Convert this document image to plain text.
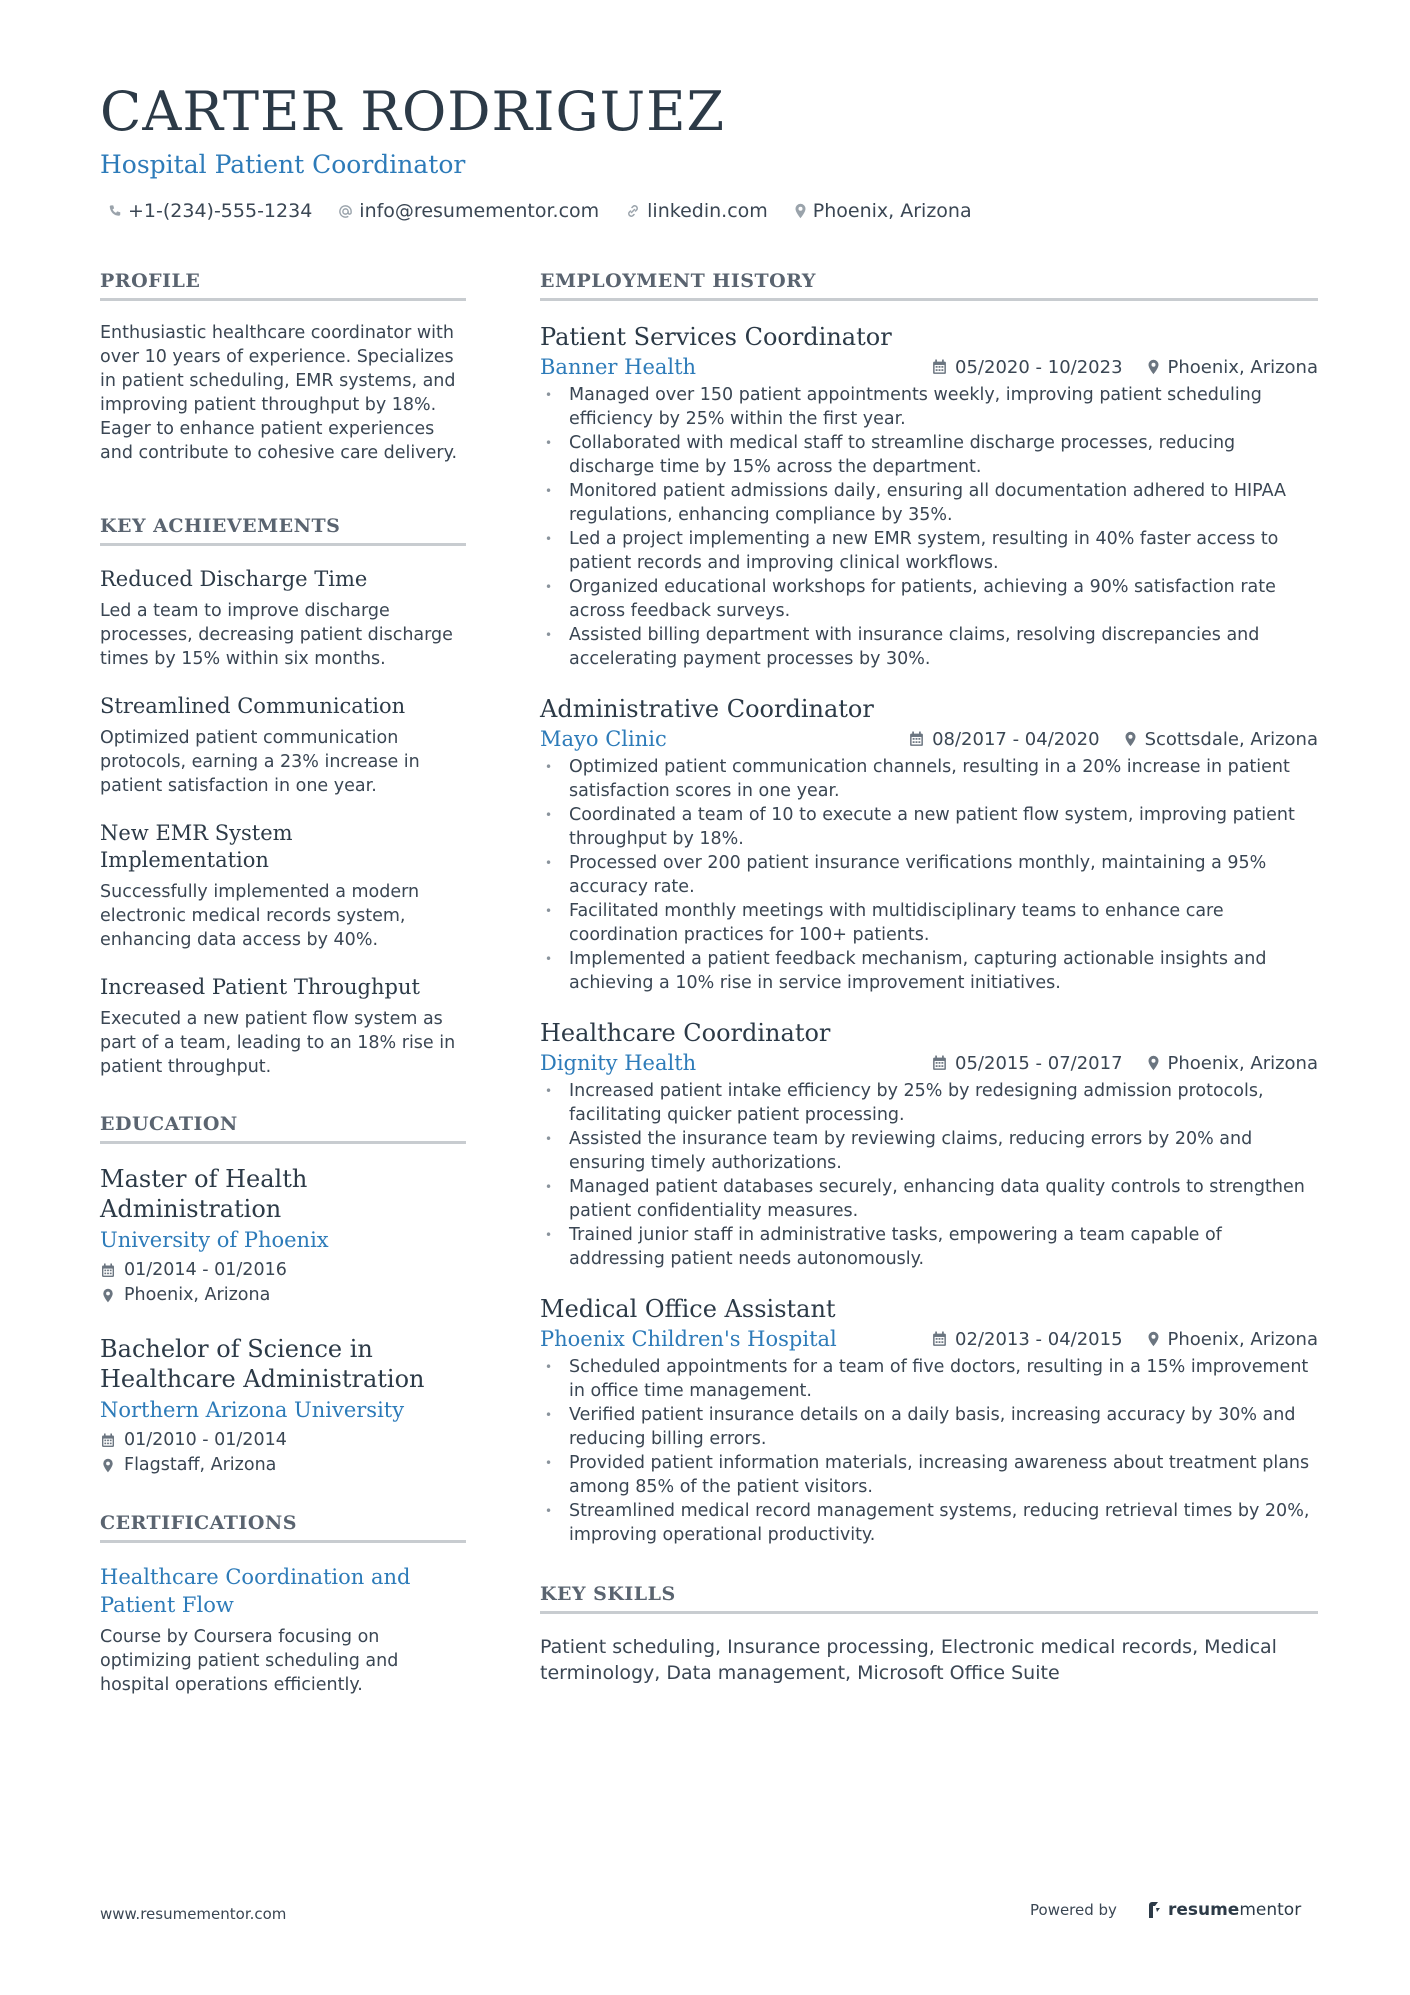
CARTER RODRIGUEZ
Hospital Patient Coordinator
+1-(234)-555-1234 info@resumementor.com	linkedin.com Phoenix, Arizona
PROFILE

Enthusiastic healthcare coordinator with over 10 years of experience. Specializes in patient scheduling, EMR systems, and improving patient throughput by 18%. Eager to enhance patient experiences and contribute to cohesive care delivery.

KEY ACHIEVEMENTS
Reduced Discharge Time

Led a team to improve discharge processes, decreasing patient discharge times by 15% within six months.

Streamlined Communication

Optimized patient communication protocols, earning a 23% increase in patient satisfaction in one year.

New EMR System Implementation

Successfully implemented a modern electronic medical records system, enhancing data access by 40%.

Increased Patient Throughput

Executed a new patient flow system as part of a team, leading to an 18% rise in patient throughput.

EDUCATION
Master of Health Administration
University of Phoenix
01/2014 - 01/2016
Phoenix, Arizona
Bachelor of Science in Healthcare Administration
Northern Arizona University
01/2010 - 01/2014
Flagstaff, Arizona
CERTIFICATIONS
Healthcare Coordination and Patient Flow

Course by Coursera focusing on optimizing patient scheduling and hospital operations efficiently.

EMPLOYMENT HISTORY
Patient Services Coordinator
Banner Health	05/2020 - 10/2023	Phoenix, Arizona
• Managed over 150 patient appointments weekly, improving patient scheduling efficiency by 25% within the first year.
• Collaborated with medical staff to streamline discharge processes, reducing discharge time by 15% across the department.
• Monitored patient admissions daily, ensuring all documentation adhered to HIPAA regulations, enhancing compliance by 35%.
• Led a project implementing a new EMR system, resulting in 40% faster access to patient records and improving clinical workflows.
• Organized educational workshops for patients, achieving a 90% satisfaction rate across feedback surveys.
• Assisted billing department with insurance claims, resolving discrepancies and accelerating payment processes by 30%.
Administrative Coordinator
Mayo Clinic	08/2017 - 04/2020	Scottsdale, Arizona
• Optimized patient communication channels, resulting in a 20% increase in patient satisfaction scores in one year.
• Coordinated a team of 10 to execute a new patient flow system, improving patient throughput by 18%.
• Processed over 200 patient insurance verifications monthly, maintaining a 95% accuracy rate.
• Facilitated monthly meetings with multidisciplinary teams to enhance care coordination practices for 100+ patients.
• Implemented a patient feedback mechanism, capturing actionable insights and achieving a 10% rise in service improvement initiatives.
Healthcare Coordinator
Dignity Health	05/2015 - 07/2017	Phoenix, Arizona
• Increased patient intake efficiency by 25% by redesigning admission protocols, facilitating quicker patient processing.
• Assisted the insurance team by reviewing claims, reducing errors by 20% and ensuring timely authorizations.
• Managed patient databases securely, enhancing data quality controls to strengthen patient confidentiality measures.
• Trained junior staff in administrative tasks, empowering a team capable of addressing patient needs autonomously.
Medical Office Assistant
Phoenix Children's Hospital	02/2013 - 04/2015	Phoenix, Arizona
• Scheduled appointments for a team of five doctors, resulting in a 15% improvement in office time management.
• Verified patient insurance details on a daily basis, increasing accuracy by 30% and reducing billing errors.
• Provided patient information materials, increasing awareness about treatment plans among 85% of the patient visitors.
• Streamlined medical record management systems, reducing retrieval times by 20%, improving operational productivity.
KEY SKILLS

Patient scheduling, Insurance processing, Electronic medical records, Medical terminology, Data management, Microsoft Office Suite

www.resumementor.com	Powered by	resumementor
